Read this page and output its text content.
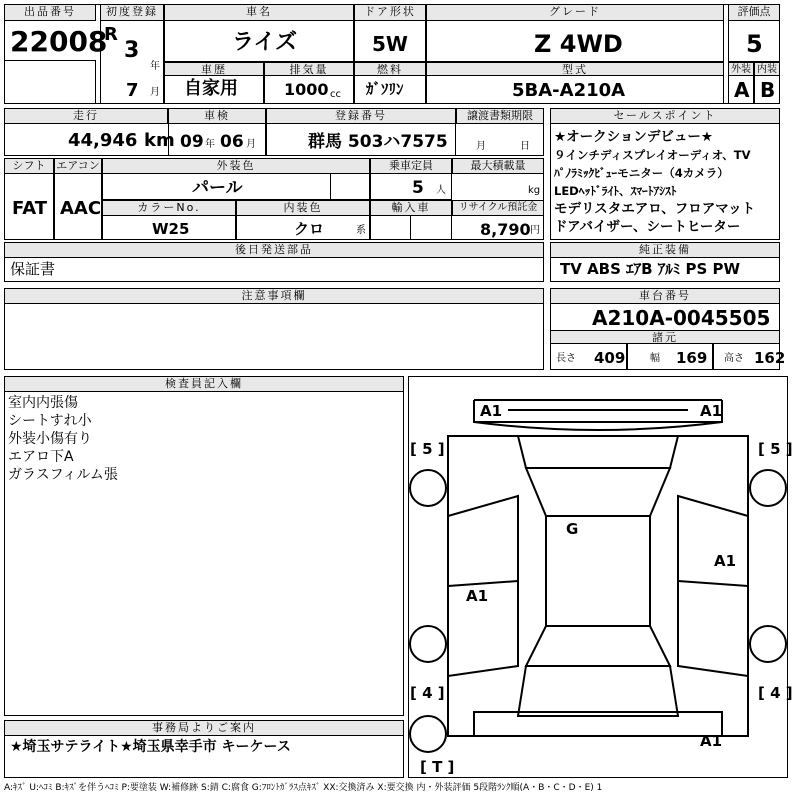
出品番号
22008
初度登録
R
3
年
7 月
車名
ライズ
車歴
自家用
排気量
1000 cc
ドア形状
5W
燃料
ｶﾞｿﾘﾝ
グレード
Z 4WD
型式
5BA-A210A
評価点
5
外装 内装
A B
走行
44,946 km
車検
09 年 06 月
登録番号
群馬 503ハ7575
譲渡書類期限
月	日
シフト
FAT
エアコン
AAC
外装色
パール
乗車定員
5 人
最大積載量
kg
カラーNo.
W25
内装色
クロ	系
輸入車	リサイクル預託金
8,790 円
後日発送部品
保証書
セールスポイント
★オークションデビュー★
９インチディスプレイオーディオ、TV
ﾊﾟﾉﾗﾐｯｸﾋﾞｭｰモニター（4カメラ）
LEDﾍｯﾄﾞﾗｲﾄ、ｽﾏｰﾄｱｼｽﾄ
モデリスタエアロ、フロアマット
ドアバイザー、シートヒーター
純正装備
TV ABS ｴｱB ｱﾙﾐ PS PW
注意事項欄	車台番号
A210A-0045505
諸元
長さ 409 幅 169 高さ 162
検査員記入欄
室内内張傷
シートすれ小
外装小傷有り
エアロ下A
ガラスフィルム張
事務局よりご案内
★埼玉サテライト★埼玉県幸手市 キーケース
A1	A1
[ 5 ]	[ 5 ]
G
A1
A1
[ 4 ]	[ 4 ]
A1
[ T ]
A:ｷｽﾞ U:ﾍｺﾐ B:ｷｽﾞを伴うﾍｺﾐ P:要塗装 W:補修跡 S:錆 C:腐食 G:ﾌﾛﾝﾄｶﾞﾗｽ点ｷｽﾞ XX:交換済み X:要交換 内・外装評価 5段階ﾗﾝｸ順(A・B・C・D・E) 1
